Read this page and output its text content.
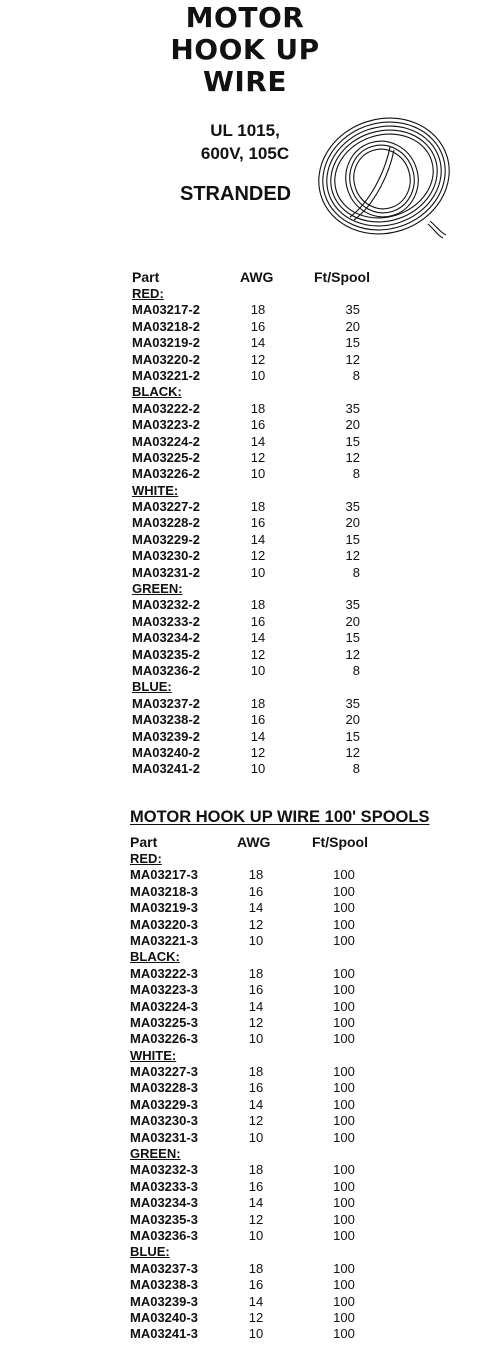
MOTOR
HOOK UP
WIRE
UL 1015,
600V, 105C
STRANDED
Part	AWG	Ft/Spool
RED:
MA03217-2	18	35
MA03218-2	16	20
MA03219-2	14	15
MA03220-2	12	12
MA03221-2	10	8
BLACK:
MA03222-2	18	35
MA03223-2	16	20
MA03224-2	14	15
MA03225-2	12	12
MA03226-2	10	8
WHITE:
MA03227-2	18	35
MA03228-2	16	20
MA03229-2	14	15
MA03230-2	12	12
MA03231-2	10	8
GREEN:
MA03232-2	18	35
MA03233-2	16	20
MA03234-2	14	15
MA03235-2	12	12
MA03236-2	10	8
BLUE:
MA03237-2	18	35
MA03238-2	16	20
MA03239-2	14	15
MA03240-2	12	12
MA03241-2	10	8
MOTOR HOOK UP WIRE 100' SPOOLS
Part	AWG	Ft/Spool
RED:
MA03217-3	18	100
MA03218-3	16	100
MA03219-3	14	100
MA03220-3	12	100
MA03221-3	10	100
BLACK:
MA03222-3	18	100
MA03223-3	16	100
MA03224-3	14	100
MA03225-3	12	100
MA03226-3	10	100
WHITE:
MA03227-3	18	100
MA03228-3	16	100
MA03229-3	14	100
MA03230-3	12	100
MA03231-3	10	100
GREEN:
MA03232-3	18	100
MA03233-3	16	100
MA03234-3	14	100
MA03235-3	12	100
MA03236-3	10	100
BLUE:
MA03237-3	18	100
MA03238-3	16	100
MA03239-3	14	100
MA03240-3	12	100
MA03241-3	10	100
